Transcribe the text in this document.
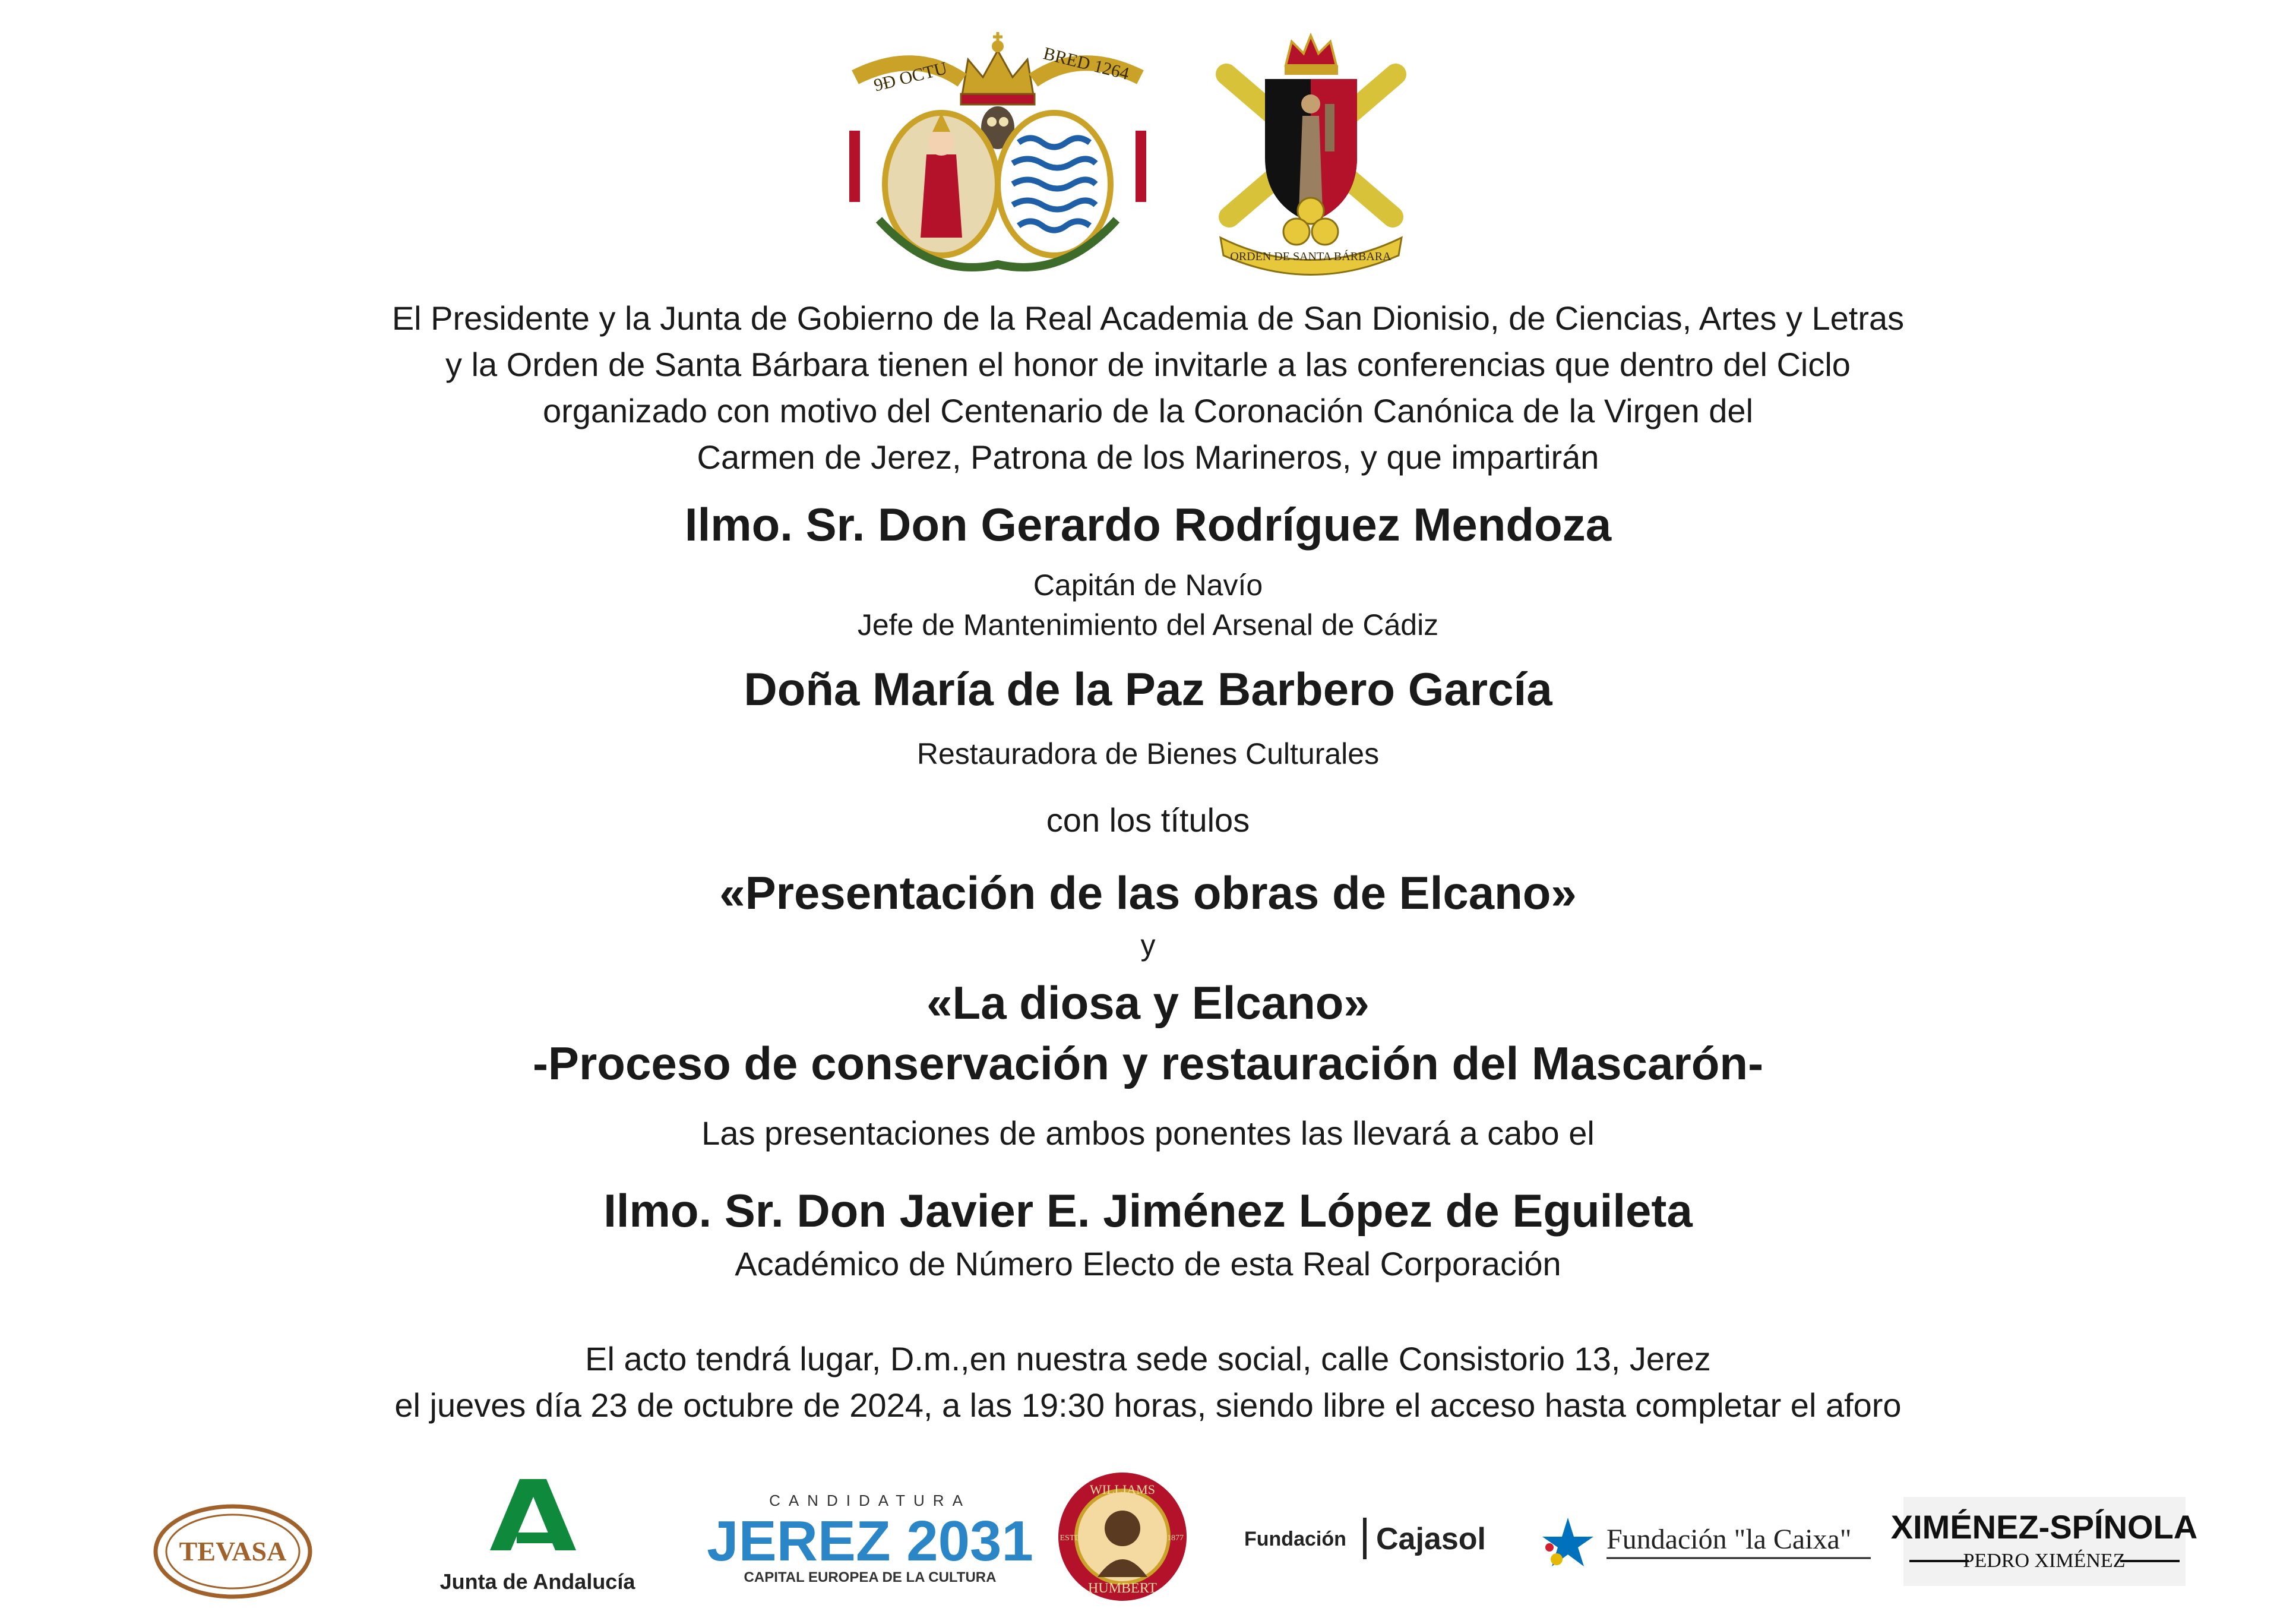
9Ð OCTU	BRED 1264
ORDEN DE SANTA BÁRBARA
El Presidente y la Junta de Gobierno de la Real Academia de San Dionisio, de Ciencias, Artes y Letras
y la Orden de Santa Bárbara tienen el honor de invitarle a las conferencias que dentro del Ciclo
organizado con motivo del Centenario de la Coronación Canónica de la Virgen del
Carmen de Jerez, Patrona de los Marineros, y que impartirán
Ilmo. Sr. Don Gerardo Rodríguez Mendoza
Capitán de Navío
Jefe de Mantenimiento del Arsenal de Cádiz
Doña María de la Paz Barbero García
Restauradora de Bienes Culturales
con los títulos
«Presentación de las obras de Elcano»
y
«La diosa y Elcano»
-Proceso de conservación y restauración del Mascarón-
Las presentaciones de ambos ponentes las llevará a cabo el
Ilmo. Sr. Don Javier E. Jiménez López de Eguileta
Académico de Número Electo de esta Real Corporación
El acto tendrá lugar, D.m.,en nuestra sede social, calle Consistorio 13, Jerez
el jueves día 23 de octubre de 2024, a las 19:30 horas, siendo libre el acceso hasta completar el aforo
TEVASA
Junta de Andalucía
CANDIDATURA
JEREZ 2031
CAPITAL EUROPEA DE LA CULTURA
WILLIAMS
HUMBERT
ESTD	1877	Fundación Cajasol	Fundación "la Caixa" XIMÉNEZ-SPÍNOLA
PEDRO XIMÉNEZ
